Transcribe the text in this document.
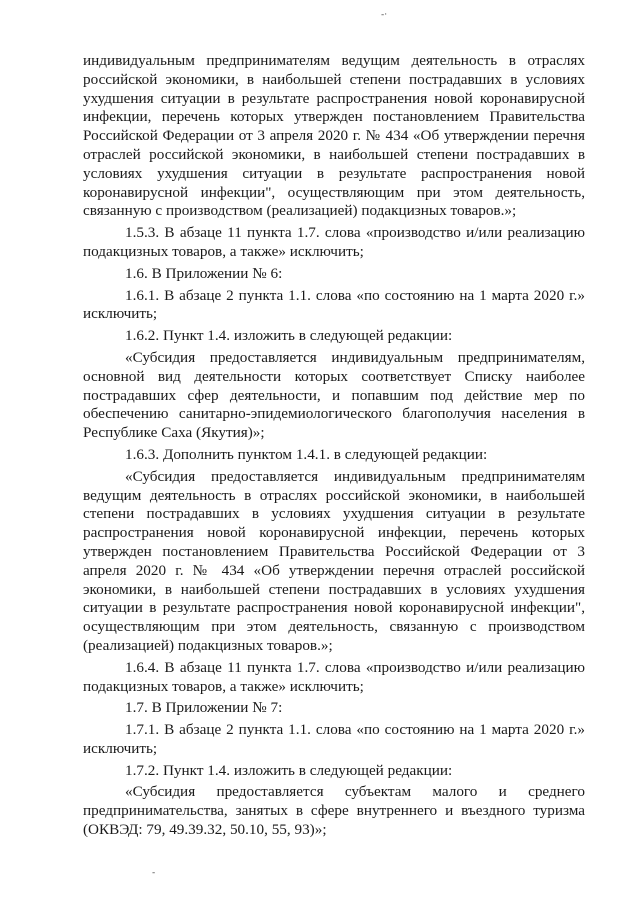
-·
-

индивидуальным предпринимателям ведущим деятельность в отраслях российской экономики, в наибольшей степени пострадавших в условиях ухудшения ситуации в результате распространения новой коронавирусной инфекции, перечень которых утвержден постановлением Правительства Российской Федерации от 3 апреля 2020 г. № 434 «Об утверждении перечня отраслей российской экономики, в наибольшей степени пострадавших в условиях ухудшения ситуации в результате распространения новой коронавирусной инфекции", осуществляющим при этом деятельность, связанную с производством (реализацией) подакцизных товаров.»;

1.5.3. В абзаце 11 пункта 1.7. слова «производство и/или реализацию подакцизных товаров, а также» исключить;

1.6. В Приложении № 6:

1.6.1. В абзаце 2 пункта 1.1. слова «по состоянию на 1 марта 2020 г.» исключить;

1.6.2. Пункт 1.4. изложить в следующей редакции:

«Субсидия предоставляется индивидуальным предпринимателям, основной вид деятельности которых соответствует Списку наиболее пострадавших сфер деятельности, и попавшим под действие мер по обеспечению санитарно-эпидемиологического благополучия населения в Республике Саха (Якутия)»;

1.6.3. Дополнить пунктом 1.4.1. в следующей редакции:

«Субсидия предоставляется индивидуальным предпринимателям ведущим деятельность в отраслях российской экономики, в наибольшей степени пострадавших в условиях ухудшения ситуации в результате распространения новой коронавирусной инфекции, перечень которых утвержден постановлением Правительства Российской Федерации от 3 апреля 2020 г. № 434 «Об утверждении перечня отраслей российской экономики, в наибольшей степени пострадавших в условиях ухудшения ситуации в результате распространения новой коронавирусной инфекции", осуществляющим при этом деятельность, связанную с производством (реализацией) подакцизных товаров.»;

1.6.4. В абзаце 11 пункта 1.7. слова «производство и/или реализацию подакцизных товаров, а также» исключить;

1.7. В Приложении № 7:

1.7.1. В абзаце 2 пункта 1.1. слова «по состоянию на 1 марта 2020 г.» исключить;

1.7.2. Пункт 1.4. изложить в следующей редакции:

«Субсидия предоставляется субъектам малого и среднего предпринимательства, занятых в сфере внутреннего и въездного туризма (ОКВЭД: 79, 49.39.32, 50.10, 55, 93)»;
